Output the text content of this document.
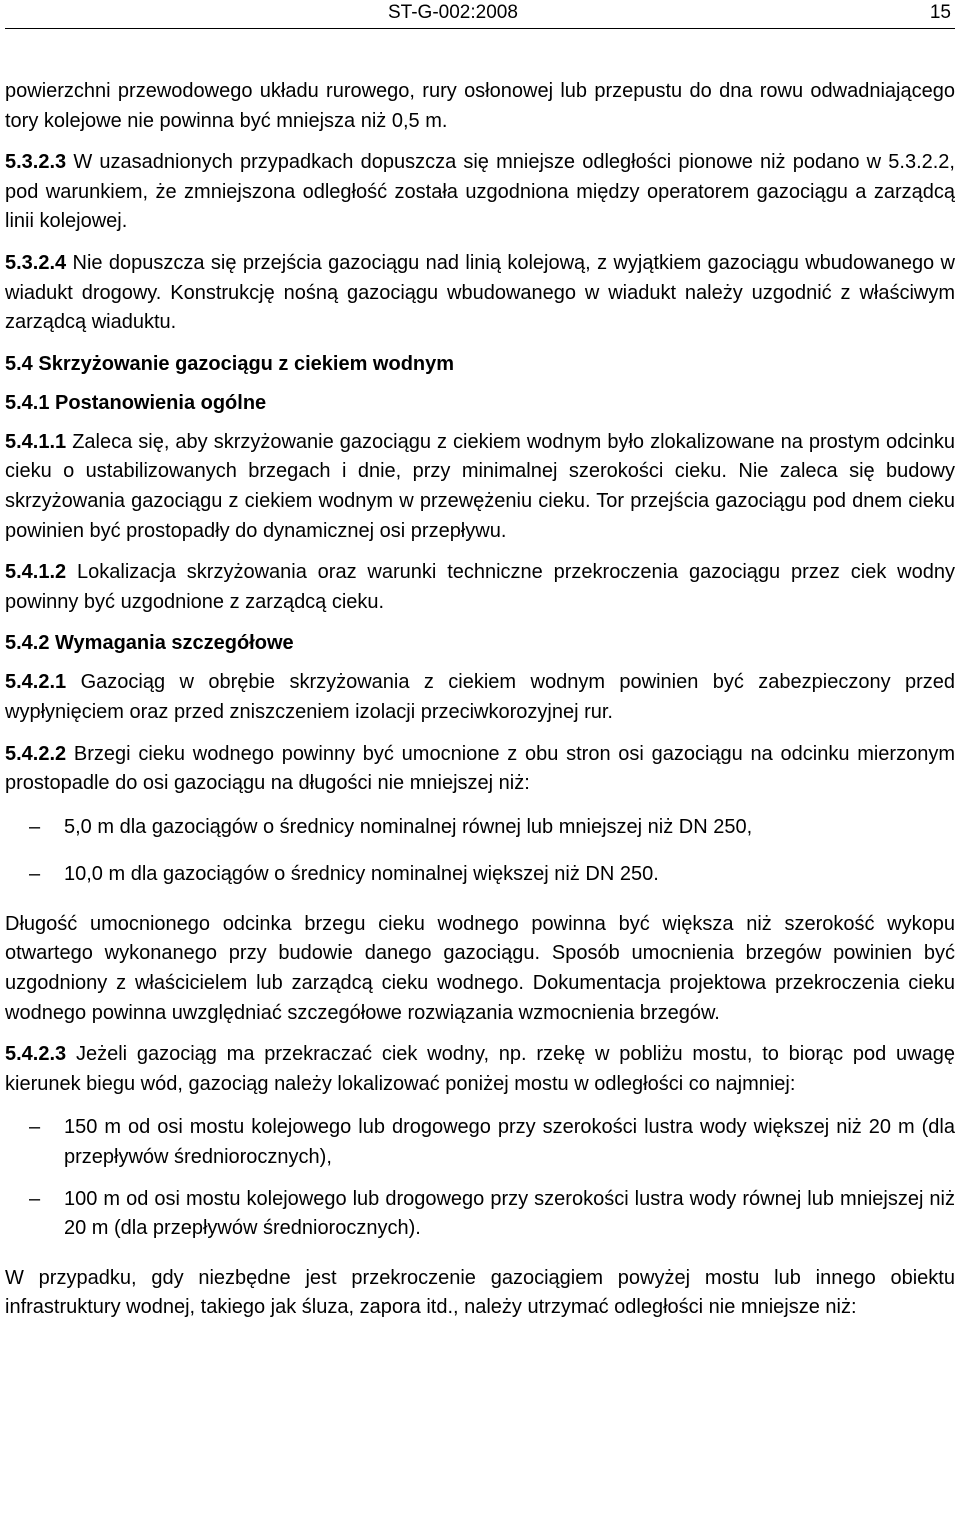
ST-G-002:2008	15

powierzchni przewodowego układu rurowego, rury osłonowej lub przepustu do dna rowu odwadniającego tory kolejowe nie powinna być mniejsza niż 0,5 m.

5.3.2.3 W uzasadnionych przypadkach dopuszcza się mniejsze odległości pionowe niż podano w 5.3.2.2, pod warunkiem, że zmniejszona odległość została uzgodniona między operatorem gazociągu a zarządcą linii kolejowej.

5.3.2.4 Nie dopuszcza się przejścia gazociągu nad linią kolejową, z wyjątkiem gazociągu wbudowanego w wiadukt drogowy. Konstrukcję nośną gazociągu wbudowanego w wiadukt należy uzgodnić z właściwym zarządcą wiaduktu.

5.4 Skrzyżowanie gazociągu z ciekiem wodnym
5.4.1 Postanowienia ogólne

5.4.1.1 Zaleca się, aby skrzyżowanie gazociągu z ciekiem wodnym było zlokalizowane na prostym odcinku cieku o ustabilizowanych brzegach i dnie, przy minimalnej szerokości cieku. Nie zaleca się budowy skrzyżowania gazociągu z ciekiem wodnym w przewężeniu cieku. Tor przejścia gazociągu pod dnem cieku powinien być prostopadły do dynamicznej osi przepływu.

5.4.1.2 Lokalizacja skrzyżowania oraz warunki techniczne przekroczenia gazociągu przez ciek wodny powinny być uzgodnione z zarządcą cieku.

5.4.2 Wymagania szczegółowe

5.4.2.1 Gazociąg w obrębie skrzyżowania z ciekiem wodnym powinien być zabezpieczony przed wypłynięciem oraz przed zniszczeniem izolacji przeciwkorozyjnej rur.

5.4.2.2 Brzegi cieku wodnego powinny być umocnione z obu stron osi gazociągu na odcinku mierzonym prostopadle do osi gazociągu na długości nie mniejszej niż:

– 5,0 m dla gazociągów o średnicy nominalnej równej lub mniejszej niż DN 250,
– 10,0 m dla gazociągów o średnicy nominalnej większej niż DN 250.

Długość umocnionego odcinka brzegu cieku wodnego powinna być większa niż szerokość wykopu otwartego wykonanego przy budowie danego gazociągu. Sposób umocnienia brzegów powinien być uzgodniony z właścicielem lub zarządcą cieku wodnego. Dokumentacja projektowa przekroczenia cieku wodnego powinna uwzględniać szczegółowe rozwiązania wzmocnienia brzegów.

5.4.2.3 Jeżeli gazociąg ma przekraczać ciek wodny, np. rzekę w pobliżu mostu, to biorąc pod uwagę kierunek biegu wód, gazociąg należy lokalizować poniżej mostu w odległości co najmniej:

– 150 m od osi mostu kolejowego lub drogowego przy szerokości lustra wody większej niż 20 m (dla przepływów średniorocznych),
– 100 m od osi mostu kolejowego lub drogowego przy szerokości lustra wody równej lub mniejszej niż 20 m (dla przepływów średniorocznych).

W przypadku, gdy niezbędne jest przekroczenie gazociągiem powyżej mostu lub innego obiektu infrastruktury wodnej, takiego jak śluza, zapora itd., należy utrzymać odległości nie mniejsze niż:
